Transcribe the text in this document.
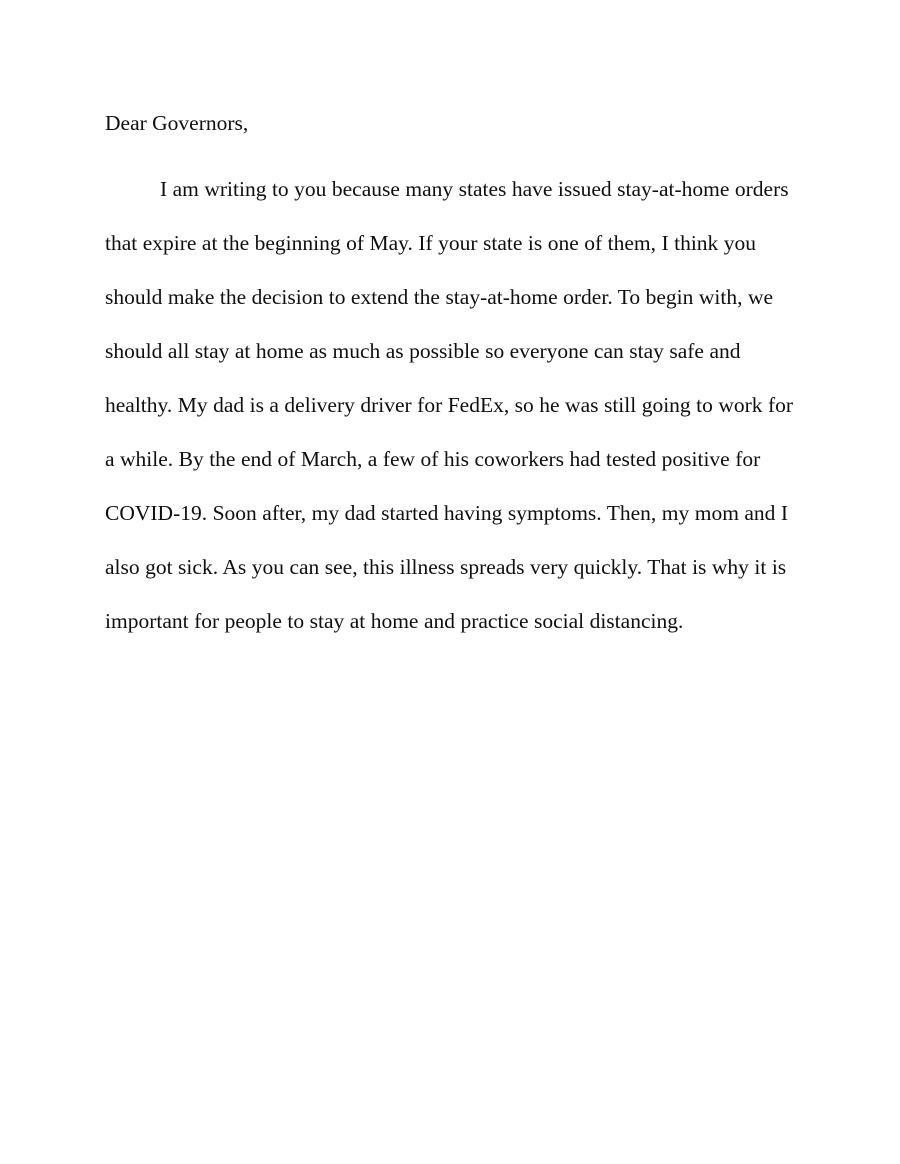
Dear Governors,

I am writing to you because many states have issued stay-at-home orders that expire at the beginning of May. If your state is one of them, I think you should make the decision to extend the stay-at-home order. To begin with, we should all stay at home as much as possible so everyone can stay safe and healthy. My dad is a delivery driver for FedEx, so he was still going to work for a while. By the end of March, a few of his coworkers had tested positive for COVID-19. Soon after, my dad started having symptoms. Then, my mom and I also got sick. As you can see, this illness spreads very quickly. That is why it is important for people to stay at home and practice social distancing.
